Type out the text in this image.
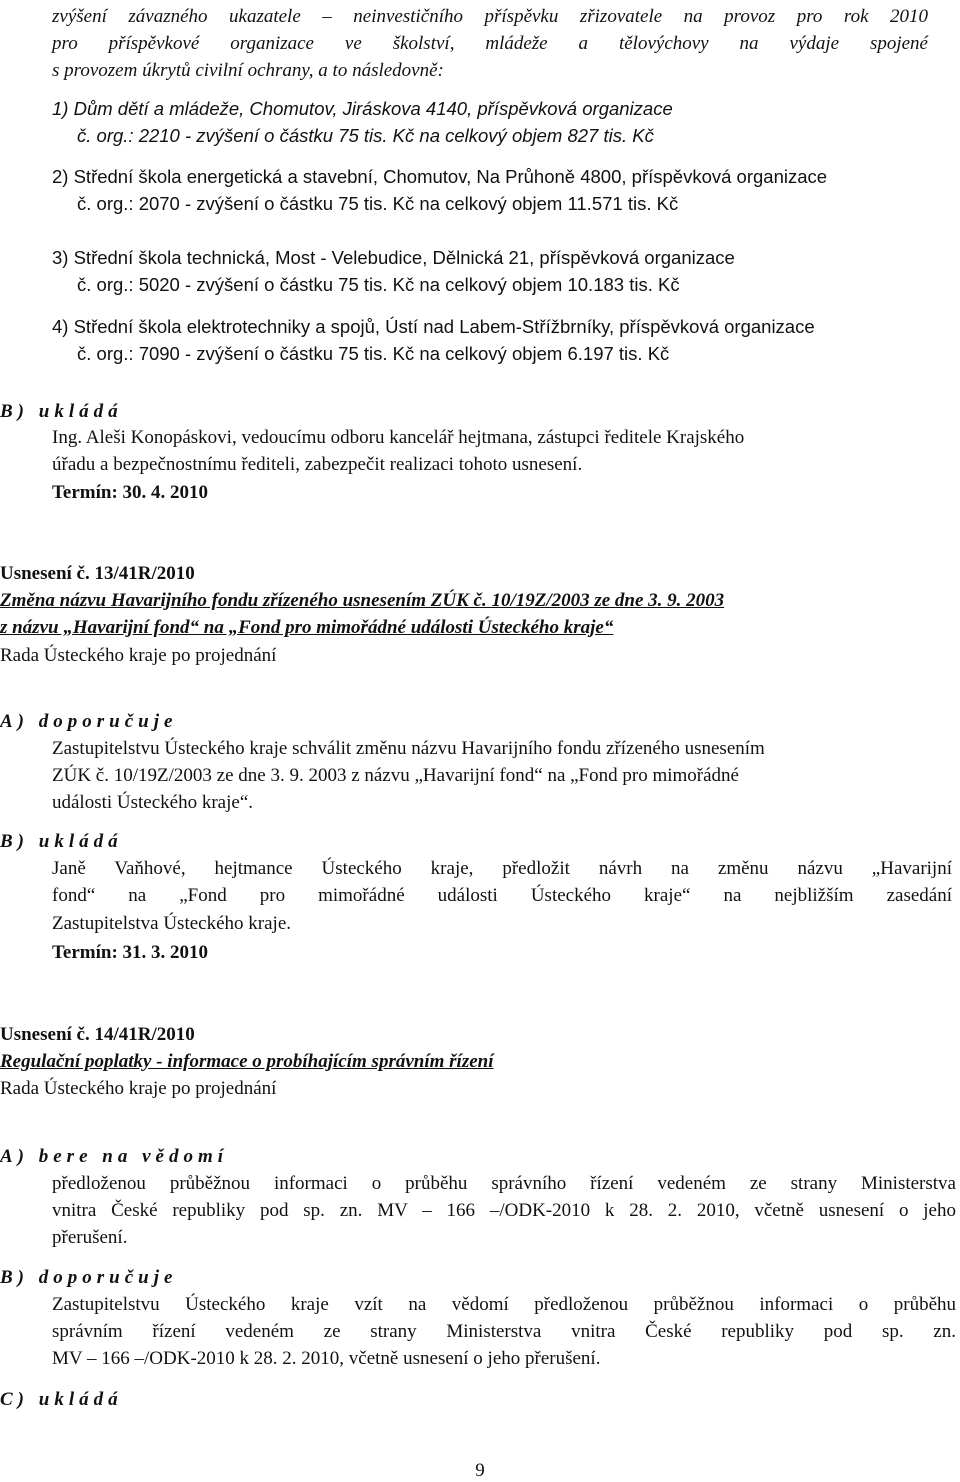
zvýšení závazného ukazatele – neinvestičního příspěvku zřizovatele na provoz pro rok 2010
pro příspěvkové organizace ve školství, mládeže a tělovýchovy na výdaje spojené
s provozem úkrytů civilní ochrany, a to následovně:
1) Dům dětí a mládeže, Chomutov, Jiráskova 4140, příspěvková organizace
č. org.: 2210 - zvýšení o částku 75 tis. Kč na celkový objem 827 tis. Kč
2) Střední škola energetická a stavební, Chomutov, Na Průhoně 4800, příspěvková organizace
č. org.: 2070 - zvýšení o částku 75 tis. Kč na celkový objem 11.571 tis. Kč
3) Střední škola technická, Most - Velebudice, Dělnická 21, příspěvková organizace
č. org.: 5020 - zvýšení o částku 75 tis. Kč na celkový objem 10.183 tis. Kč
4) Střední škola elektrotechniky a spojů, Ústí nad Labem-Střížbrníky, příspěvková organizace
č. org.: 7090 - zvýšení o částku 75 tis. Kč na celkový objem 6.197 tis. Kč
B) ukládá
Ing. Aleši Konopáskovi, vedoucímu odboru kancelář hejtmana, zástupci ředitele Krajského
úřadu a bezpečnostnímu řediteli, zabezpečit realizaci tohoto usnesení.
Termín: 30. 4. 2010
Usnesení č. 13/41R/2010
Změna názvu Havarijního fondu zřízeného usnesením ZÚK č. 10/19Z/2003 ze dne 3. 9. 2003
z názvu „Havarijní fond“ na „Fond pro mimořádné události Ústeckého kraje“
Rada Ústeckého kraje po projednání
A) doporučuje
Zastupitelstvu Ústeckého kraje schválit změnu názvu Havarijního fondu zřízeného usnesením
ZÚK č. 10/19Z/2003 ze dne 3. 9. 2003 z názvu „Havarijní fond“ na „Fond pro mimořádné
události Ústeckého kraje“.
B) ukládá
Janě Vaňhové, hejtmance Ústeckého kraje, předložit návrh na změnu názvu „Havarijní
fond“ na „Fond pro mimořádné události Ústeckého kraje“ na nejbližším zasedání
Zastupitelstva Ústeckého kraje.
Termín: 31. 3. 2010
Usnesení č. 14/41R/2010
Regulační poplatky - informace o probíhajícím správním řízení
Rada Ústeckého kraje po projednání
A) bere na vědomí
předloženou průběžnou informaci o průběhu správního řízení vedeném ze strany Ministerstva
vnitra České republiky pod sp. zn. MV – 166 –/ODK-2010 k 28. 2. 2010, včetně usnesení o jeho
přerušení.
B) doporučuje
Zastupitelstvu Ústeckého kraje vzít na vědomí předloženou průběžnou informaci o průběhu
správním řízení vedeném ze strany Ministerstva vnitra České republiky pod sp. zn.
MV – 166 –/ODK-2010 k 28. 2. 2010, včetně usnesení o jeho přerušení.
C) ukládá
9
